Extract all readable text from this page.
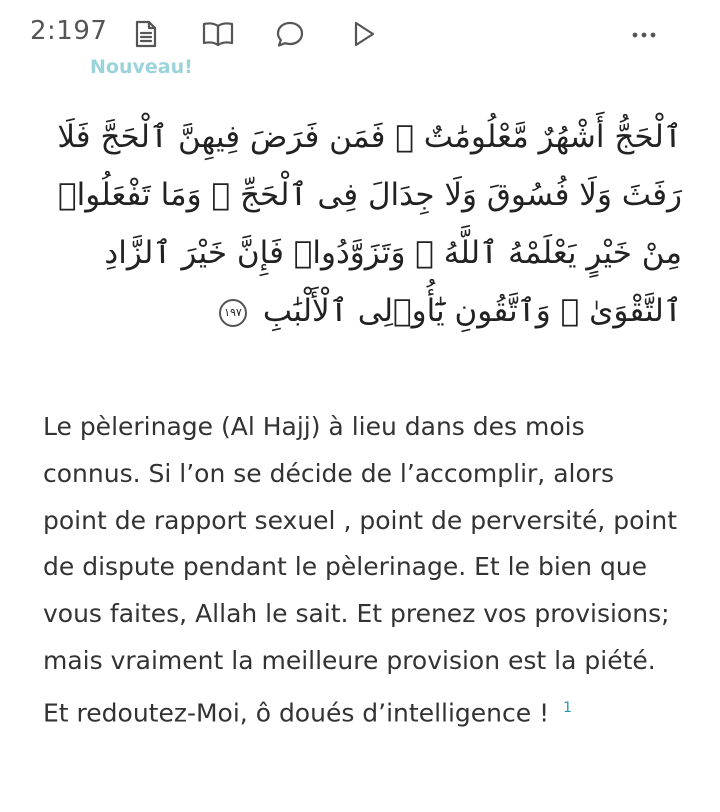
2:197
Nouveau!
ٱلْحَجُّ أَشْهُرٌ مَّعْلُومَٰتٌ ۚ فَمَن فَرَضَ فِيهِنَّ ٱلْحَجَّ فَلَا رَفَثَ وَلَا فُسُوقَ وَلَا جِدَالَ فِى ٱلْحَجِّ ۗ وَمَا تَفْعَلُوا۟ مِنْ خَيْرٍ يَعْلَمْهُ ٱللَّهُ ۗ وَتَزَوَّدُوا۟ فَإِنَّ خَيْرَ ٱلزَّادِ ٱلتَّقْوَىٰ ۚ وَٱتَّقُونِ يَٰٓأُو۟لِى ٱلْأَلْبَٰبِ ١٩٧
Le pèlerinage (Al Hajj) à lieu dans des mois connus. Si l’on se décide de l’accomplir, alors point de rapport sexuel , point de perversité, point de dispute pendant le pèlerinage. Et le bien que vous faites, Allah le sait. Et prenez vos provisions; mais vraiment la meilleure provision est la piété. Et redoutez-Moi, ô doués d’intelligence ! $^1$
